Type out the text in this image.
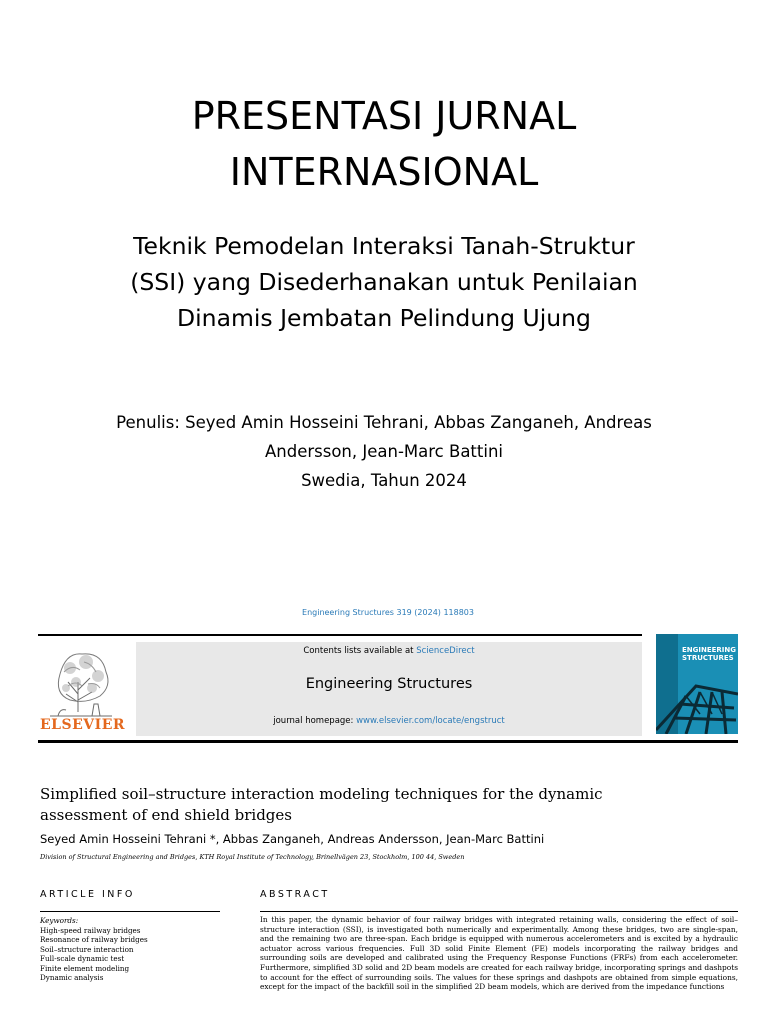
PRESENTASI JURNAL
INTERNASIONAL
Teknik Pemodelan Interaksi Tanah-Struktur
(SSI) yang Disederhanakan untuk Penilaian
Dinamis Jembatan Pelindung Ujung

Penulis: Seyed Amin Hosseini Tehrani, Abbas Zanganeh, Andreas

Andersson, Jean-Marc Battini

Swedia, Tahun 2024

Engineering Structures 319 (2024) 118803
ELSEVIER
Contents lists available at ScienceDirect
Engineering Structures
journal homepage: www.elsevier.com/locate/engstruct
ENGINEERING
STRUCTURES
Simplified soil–structure interaction modeling techniques for the dynamic
assessment of end shield bridges
Seyed Amin Hosseini Tehrani *, Abbas Zanganeh, Andreas Andersson, Jean-Marc Battini
Division of Structural Engineering and Bridges, KTH Royal Institute of Technology, Brinellvägen 23, Stockholm, 100 44, Sweden
ARTICLE INFO	ABSTRACT
Keywords:
High-speed railway bridges
Resonance of railway bridges
Soil–structure interaction
Full-scale dynamic test
Finite element modeling
Dynamic analysis
In this paper, the dynamic behavior of four railway bridges with integrated retaining walls, considering the effect of soil–structure interaction (SSI), is investigated both numerically and experimentally. Among these bridges, two are single-span, and the remaining two are three-span. Each bridge is equipped with numerous accelerometers and is excited by a hydraulic actuator across various frequencies. Full 3D solid Finite Element (FE) models incorporating the railway bridges and surrounding soils are developed and calibrated using the Frequency Response Functions (FRFs) from each accelerometer. Furthermore, simplified 3D solid and 2D beam models are created for each railway bridge, incorporating springs and dashpots to account for the effect of surrounding soils. The values for these springs and dashpots are obtained from simple equations, except for the impact of the backfill soil in the simplified 2D beam models, which are derived from the impedance functions
